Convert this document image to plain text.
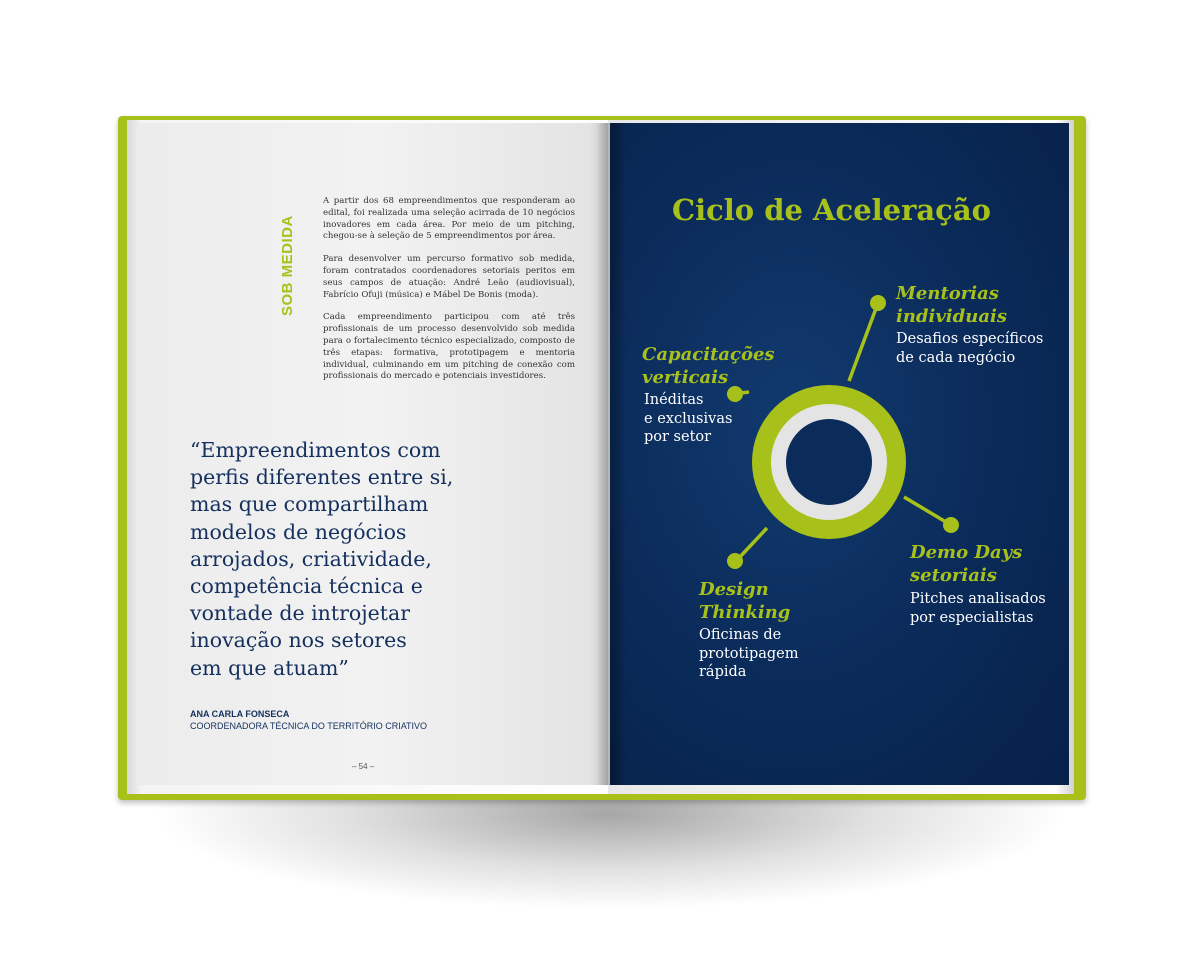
SOB MEDIDA

A partir dos 68 empreendimentos que responderam ao edital, foi realizada uma seleção acirrada de 10 negócios inovadores em cada área. Por meio de um pitching, chegou-se à seleção de 5 empreendimentos por área.

Para desenvolver um percurso formativo sob medida, foram contratados coordenadores setoriais peritos em seus campos de atuação: André Leão (audiovisual), Fabrício Ofuji (música) e Mábel De Bonis (moda).

Cada empreendimento participou com até três profissionais de um processo desenvolvido sob medida para o fortalecimento técnico especializado, composto de três etapas: formativa, prototipagem e mentoria individual, culminando em um pitching de conexão com profissionais do mercado e potenciais investidores.

“Empreendimentos com
perfis diferentes entre si,
mas que compartilham
modelos de negócios
arrojados, criatividade,
competência técnica e
vontade de introjetar
inovação nos setores
em que atuam”
ANA CARLA FONSECA
COORDENADORA TÉCNICA DO TERRITÓRIO CRIATIVO
– 54 –
Ciclo de Aceleração
Mentorias
individuais
Desafios específicos
de cada negócio
Capacitações
verticais
Inéditas
e exclusivas
por setor
Demo Days
setoriais
Pitches analisados
por especialistas
Design
Thinking
Oficinas de
prototipagem
rápida
